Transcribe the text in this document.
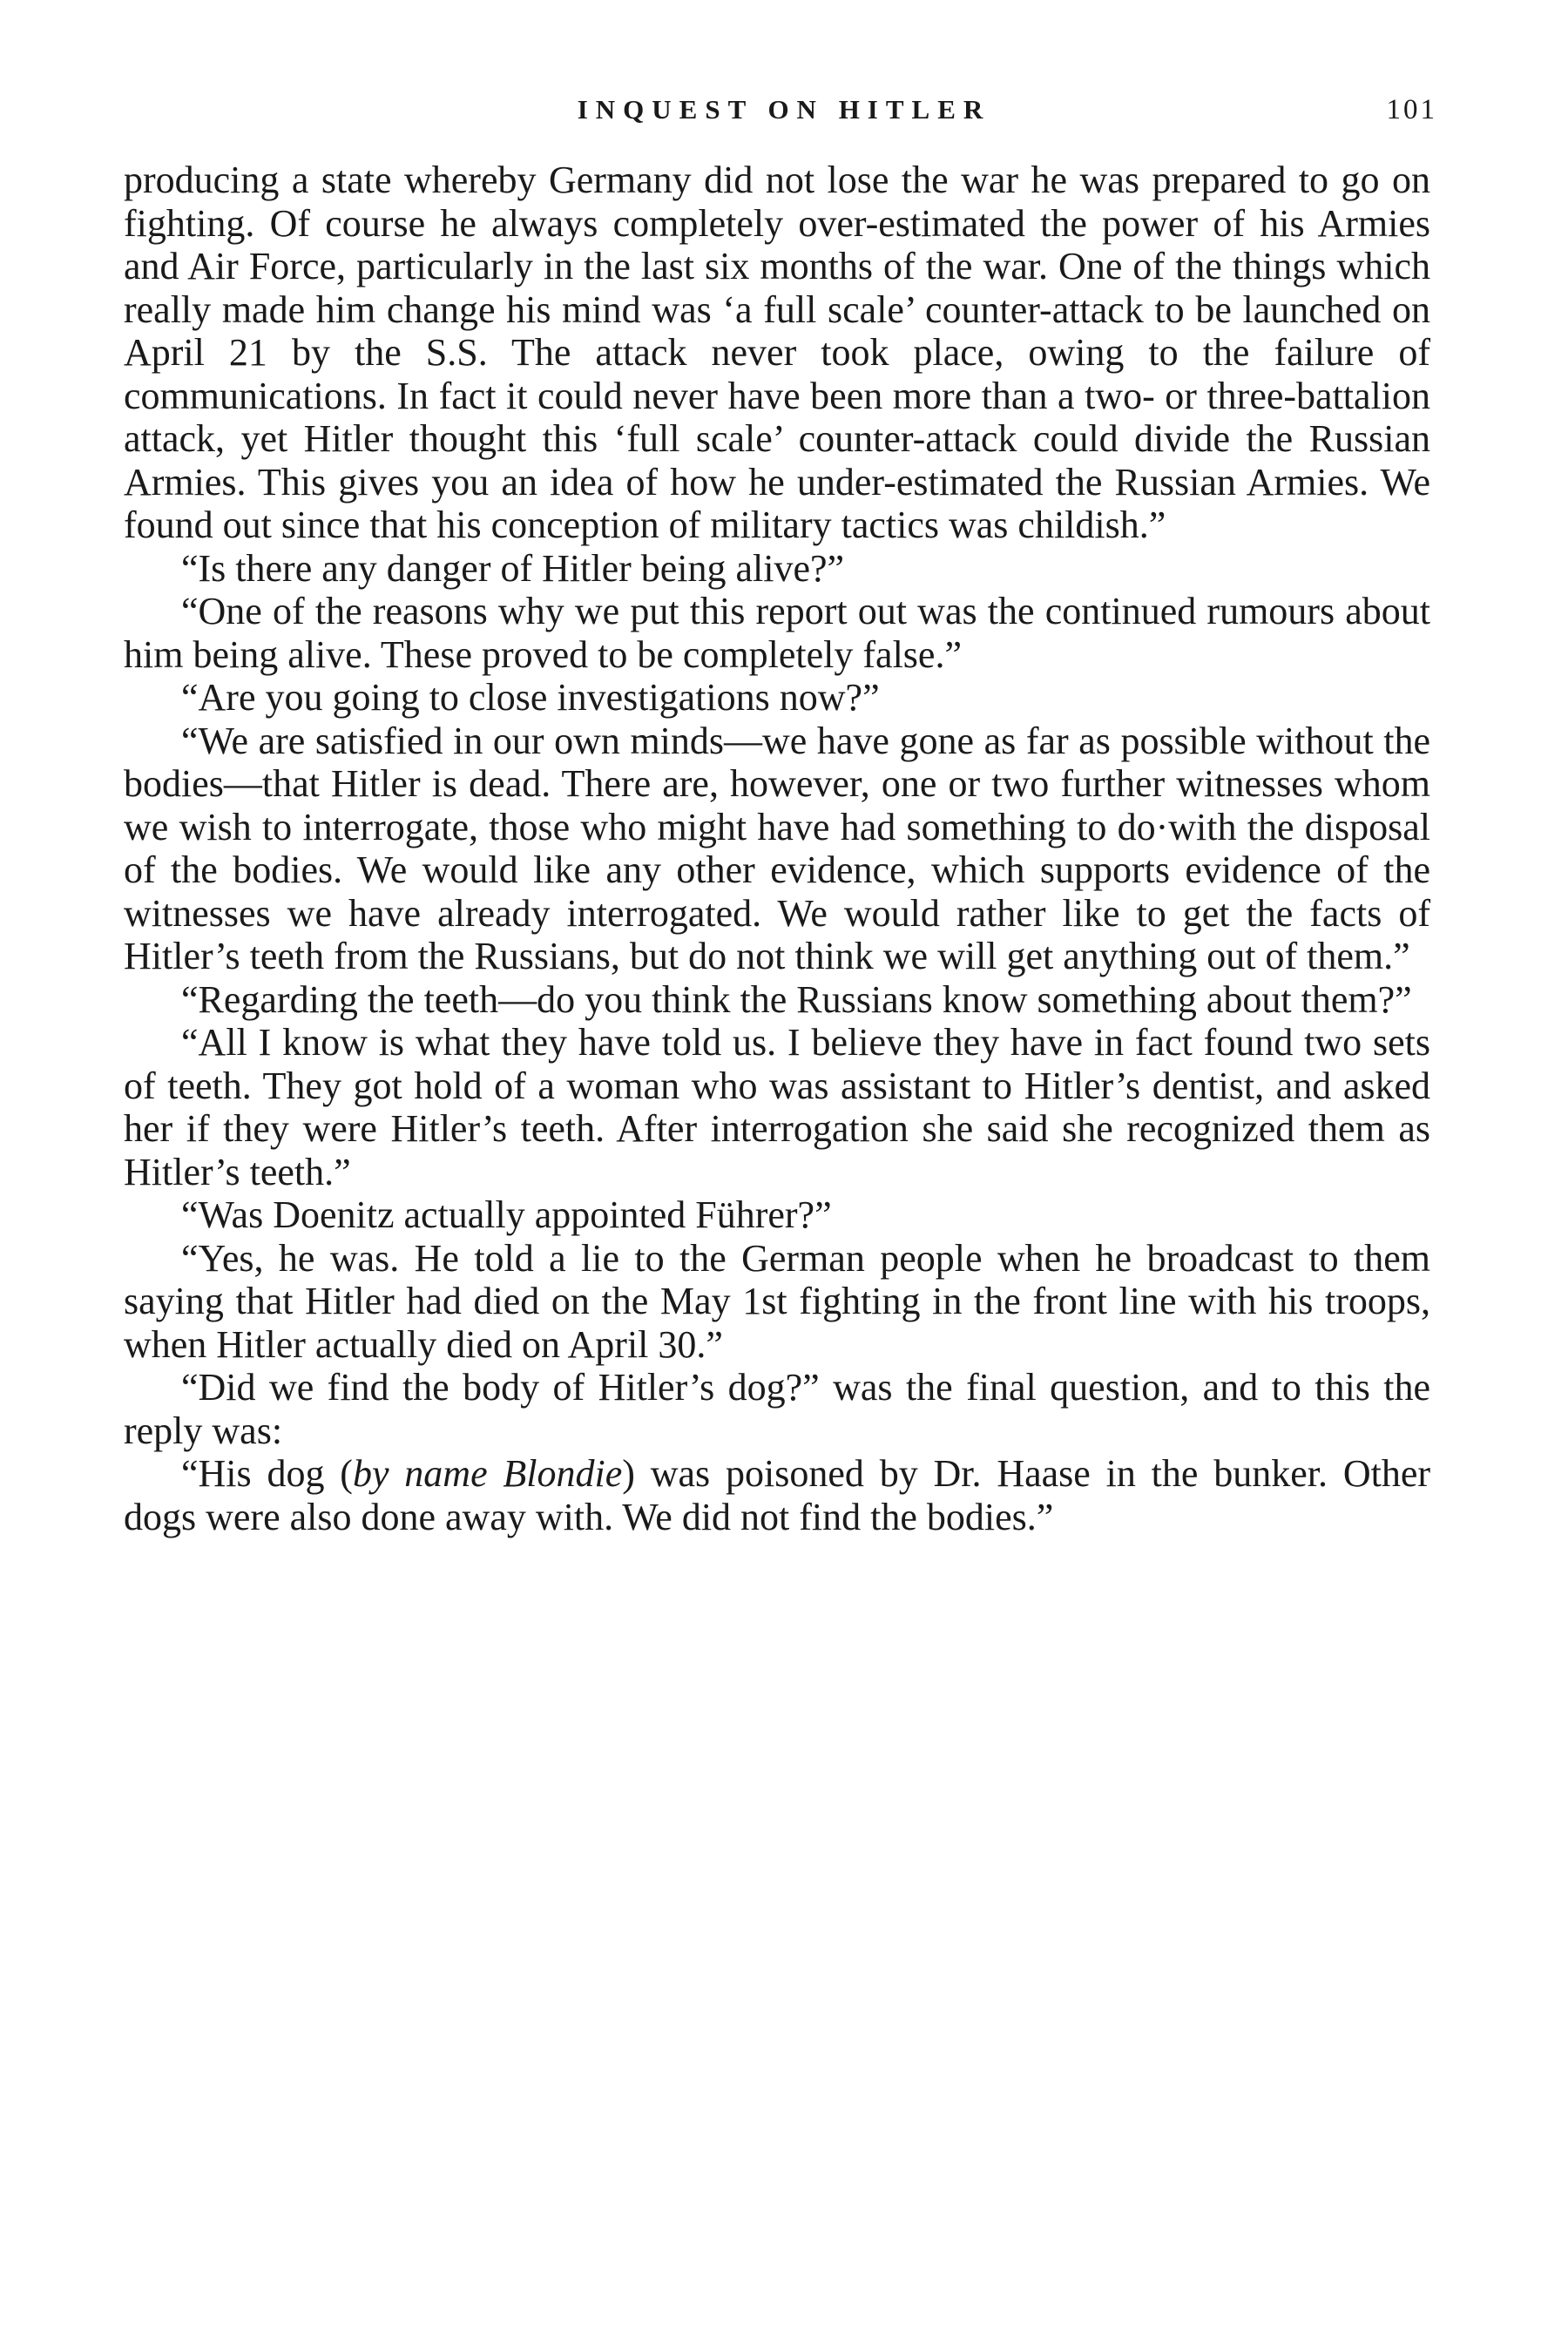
INQUEST ON HITLER	101

producing a state whereby Germany did not lose the war he was prepared to go on fighting. Of course he always completely over-estimated the power of his Armies and Air Force, particularly in the last six months of the war. One of the things which really made him change his mind was ‘a full scale’ counter-attack to be launched on April 21 by the S.S. The attack never took place, owing to the failure of communications. In fact it could never have been more than a two- or three-battalion attack, yet Hitler thought this ‘full scale’ counter-attack could divide the Russian Armies. This gives you an idea of how he under-estimated the Russian Armies. We found out since that his conception of military tactics was childish.”

“Is there any danger of Hitler being alive?”

“One of the reasons why we put this report out was the continued rumours about him being alive. These proved to be completely false.”

“Are you going to close investigations now?”

“We are satisfied in our own minds—we have gone as far as possible without the bodies—that Hitler is dead. There are, however, one or two further witnesses whom we wish to interrogate, those who might have had something to do·with the disposal of the bodies. We would like any other evidence, which supports evidence of the witnesses we have already interrogated. We would rather like to get the facts of Hitler’s teeth from the Russians, but do not think we will get anything out of them.”

“Regarding the teeth—do you think the Russians know something about them?”

“All I know is what they have told us. I believe they have in fact found two sets of teeth. They got hold of a woman who was assistant to Hitler’s dentist, and asked her if they were Hitler’s teeth. After interrogation she said she recognized them as Hitler’s teeth.”

“Was Doenitz actually appointed Führer?”

“Yes, he was. He told a lie to the German people when he broadcast to them saying that Hitler had died on the May 1st fighting in the front line with his troops, when Hitler actually died on April 30.”

“Did we find the body of Hitler’s dog?” was the final question, and to this the reply was:

“His dog (by name Blondie) was poisoned by Dr. Haase in the bunker. Other dogs were also done away with. We did not find the bodies.”
